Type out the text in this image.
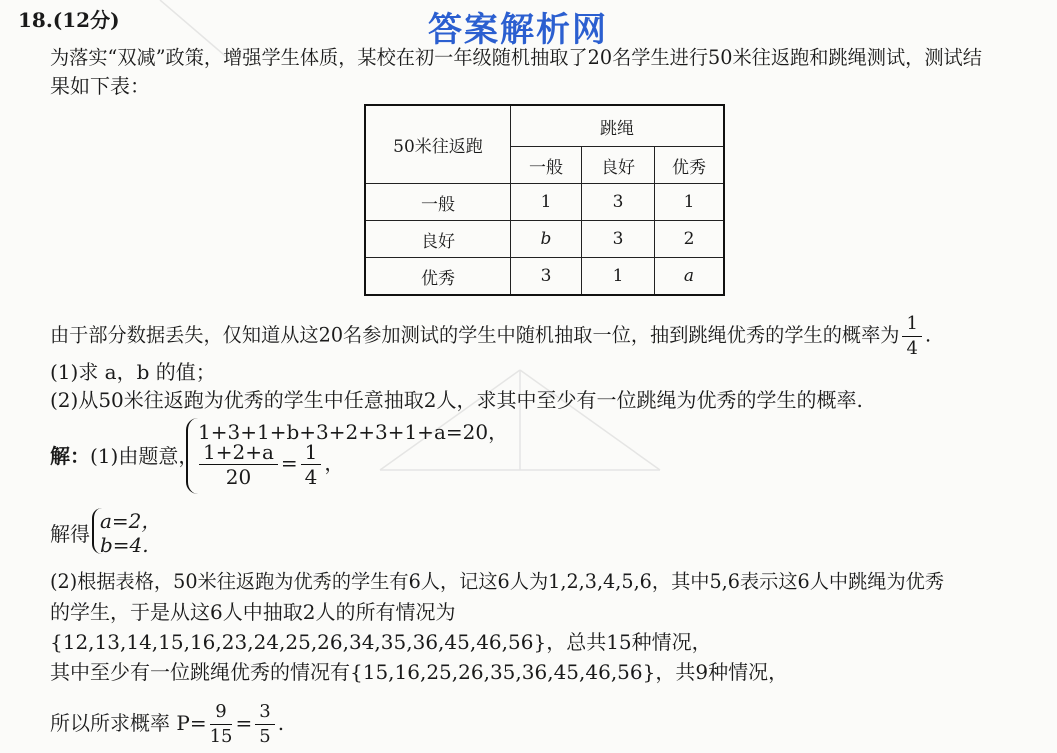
答案解析网
18.(12分)
为落实“双减”政策，增强学生体质，某校在初一年级随机抽取了20名学生进行50米往返跑和跳绳测试，测试结
果如下表：
50米往返跑	跳绳		
	一般	良好	优秀
一般	1	3	1
良好	b	3	2
优秀	3	1	a
由于部分数据丢失，仅知道从这20名参加测试的学生中随机抽取一位，抽到跳绳优秀的学生的概率为 $\frac{1}{4}$ .
(1)求 a，b 的值；
(2)从50米往返跑为优秀的学生中任意抽取2人，求其中至少有一位跳绳为优秀的学生的概率.
解：(1)由题意，
1+3+1+b+3+2+3+1+a=20，
$\frac{1+2+a}{20} = \frac{1}{4}$ ，
解得
a=2，
b=4.
(2)根据表格，50米往返跑为优秀的学生有6人，记这6人为1,2,3,4,5,6，其中5,6表示这6人中跳绳为优秀
的学生，于是从这6人中抽取2人的所有情况为
{12,13,14,15,16,23,24,25,26,34,35,36,45,46,56}，总共15种情况，
其中至少有一位跳绳优秀的情况有{15,16,25,26,35,36,45,46,56}，共9种情况，
所以所求概率 $P= \frac{9}{15} = \frac{3}{5}$ .
